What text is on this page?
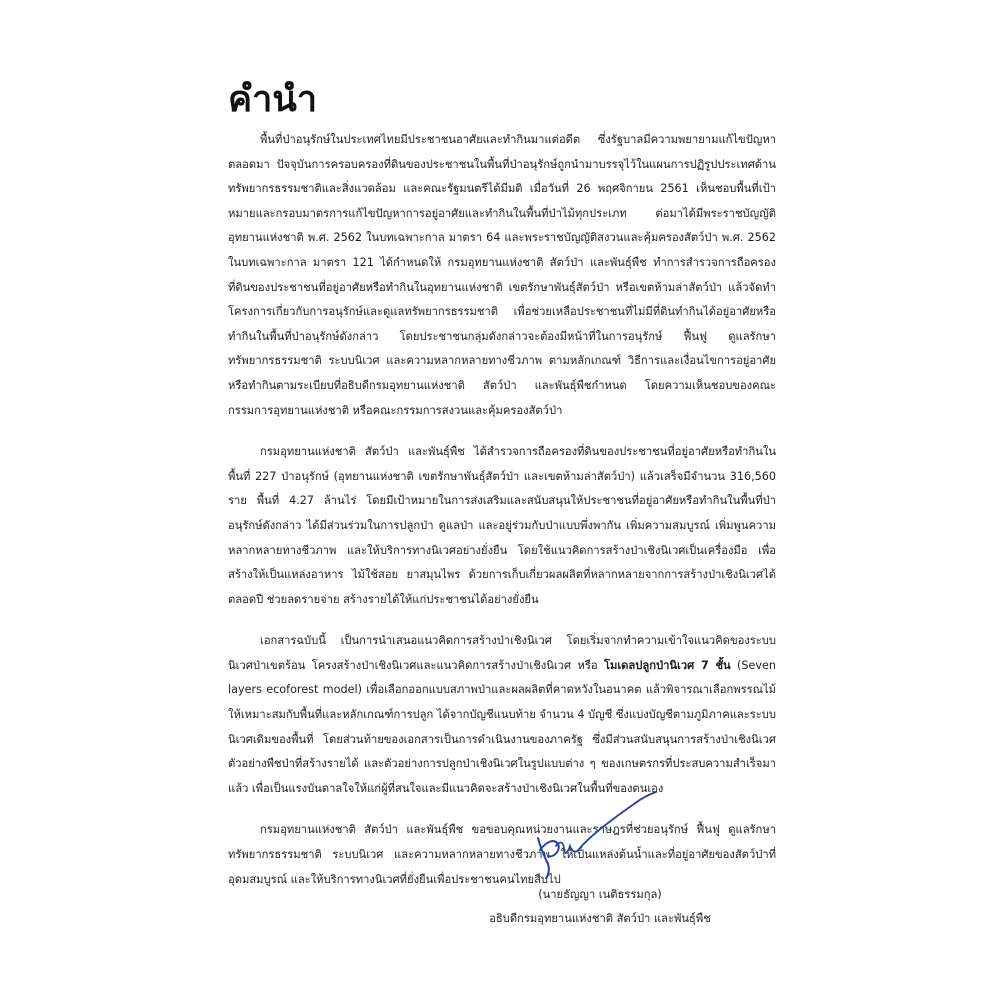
คำนำ

พื้นที่ป่าอนุรักษ์ในประเทศไทยมีประชาชนอาศัยและทำกินมาแต่อดีต ซึ่งรัฐบาลมีความพยายามแก้ไขปัญหาตลอดมา ปัจจุบันการครอบครองที่ดินของประชาชนในพื้นที่ป่าอนุรักษ์ถูกนำมาบรรจุไว้ในแผนการปฏิรูปประเทศด้านทรัพยากรธรรมชาติและสิ่งแวดล้อม และคณะรัฐมนตรีได้มีมติ เมื่อวันที่ 26 พฤศจิกายน 2561 เห็นชอบพื้นที่เป้าหมายและกรอบมาตรการแก้ไขปัญหาการอยู่อาศัยและทำกินในพื้นที่ป่าไม้ทุกประเภท ต่อมาได้มีพระราชบัญญัติอุทยานแห่งชาติ พ.ศ. 2562 ในบทเฉพาะกาล มาตรา 64 และพระราชบัญญัติสงวนและคุ้มครองสัตว์ป่า พ.ศ. 2562 ในบทเฉพาะกาล มาตรา 121 ได้กำหนดให้ กรมอุทยานแห่งชาติ สัตว์ป่า และพันธุ์พืช ทำการสำรวจการถือครองที่ดินของประชาชนที่อยู่อาศัยหรือทำกินในอุทยานแห่งชาติ เขตรักษาพันธุ์สัตว์ป่า หรือเขตห้ามล่าสัตว์ป่า แล้วจัดทำโครงการเกี่ยวกับการอนุรักษ์และดูแลทรัพยากรธรรมชาติ เพื่อช่วยเหลือประชาชนที่ไม่มีที่ดินทำกินได้อยู่อาศัยหรือทำกินในพื้นที่ป่าอนุรักษ์ดังกล่าว โดยประชาชนกลุ่มดังกล่าวจะต้องมีหน้าที่ในการอนุรักษ์ ฟื้นฟู ดูแลรักษาทรัพยากรธรรมชาติ ระบบนิเวศ และความหลากหลายทางชีวภาพ ตามหลักเกณฑ์ วิธีการและเงื่อนไขการอยู่อาศัย หรือทำกินตามระเบียบที่อธิบดีกรมอุทยานแห่งชาติ สัตว์ป่า และพันธุ์พืชกำหนด โดยความเห็นชอบของคณะกรรมการอุทยานแห่งชาติ หรือคณะกรรมการสงวนและคุ้มครองสัตว์ป่า

กรมอุทยานแห่งชาติ สัตว์ป่า และพันธุ์พืช ได้สำรวจการถือครองที่ดินของประชาชนที่อยู่อาศัยหรือทำกินในพื้นที่ 227 ป่าอนุรักษ์ (อุทยานแห่งชาติ เขตรักษาพันธุ์สัตว์ป่า และเขตห้ามล่าสัตว์ป่า) แล้วเสร็จมีจำนวน 316,560 ราย พื้นที่ 4.27 ล้านไร่ โดยมีเป้าหมายในการส่งเสริมและสนับสนุนให้ประชาชนที่อยู่อาศัยหรือทำกินในพื้นที่ป่าอนุรักษ์ดังกล่าว ได้มีส่วนร่วมในการปลูกป่า ดูแลป่า และอยู่ร่วมกับป่าแบบพึ่งพากัน เพิ่มความสมบูรณ์ เพิ่มพูนความหลากหลายทางชีวภาพ และให้บริการทางนิเวศอย่างยั่งยืน โดยใช้แนวคิดการสร้างป่าเชิงนิเวศเป็นเครื่องมือ เพื่อสร้างให้เป็นแหล่งอาหาร ไม้ใช้สอย ยาสมุนไพร ด้วยการเก็บเกี่ยวผลผลิตที่หลากหลายจากการสร้างป่าเชิงนิเวศได้ตลอดปี ช่วยลดรายจ่าย สร้างรายได้ให้แก่ประชาชนได้อย่างยั่งยืน

เอกสารฉบับนี้ เป็นการนำเสนอแนวคิดการสร้างป่าเชิงนิเวศ โดยเริ่มจากทำความเข้าใจแนวคิดของระบบนิเวศป่าเขตร้อน โครงสร้างป่าเชิงนิเวศและแนวคิดการสร้างป่าเชิงนิเวศ หรือ โมเดลปลูกป่านิเวศ 7 ชั้น (Seven layers ecoforest model) เพื่อเลือกออกแบบสภาพป่าและผลผลิตที่คาดหวังในอนาคต แล้วพิจารณาเลือกพรรณไม้ให้เหมาะสมกับพื้นที่และหลักเกณฑ์การปลูก ได้จากบัญชีแนบท้าย จำนวน 4 บัญชี ซึ่งแบ่งบัญชีตามภูมิภาคและระบบนิเวศเดิมของพื้นที่ โดยส่วนท้ายของเอกสารเป็นการดำเนินงานของภาครัฐ ซึ่งมีส่วนสนับสนุนการสร้างป่าเชิงนิเวศ ตัวอย่างพืชป่าที่สร้างรายได้ และตัวอย่างการปลูกป่าเชิงนิเวศในรูปแบบต่าง ๆ ของเกษตรกรที่ประสบความสำเร็จมาแล้ว เพื่อเป็นแรงบันดาลใจให้แก่ผู้ที่สนใจและมีแนวคิดจะสร้างป่าเชิงนิเวศในพื้นที่ของตนเอง

กรมอุทยานแห่งชาติ สัตว์ป่า และพันธุ์พืช ขอขอบคุณหน่วยงานและราษฎรที่ช่วยอนุรักษ์ ฟื้นฟู ดูแลรักษาทรัพยากรธรรมชาติ ระบบนิเวศ และความหลากหลายทางชีวภาพ ให้เป็นแหล่งต้นน้ำและที่อยู่อาศัยของสัตว์ป่าที่อุดมสมบูรณ์ และให้บริการทางนิเวศที่ยั่งยืนเพื่อประชาชนคนไทยสืบไป

(นายธัญญา เนติธรรมกุล)

อธิบดีกรมอุทยานแห่งชาติ สัตว์ป่า และพันธุ์พืช
